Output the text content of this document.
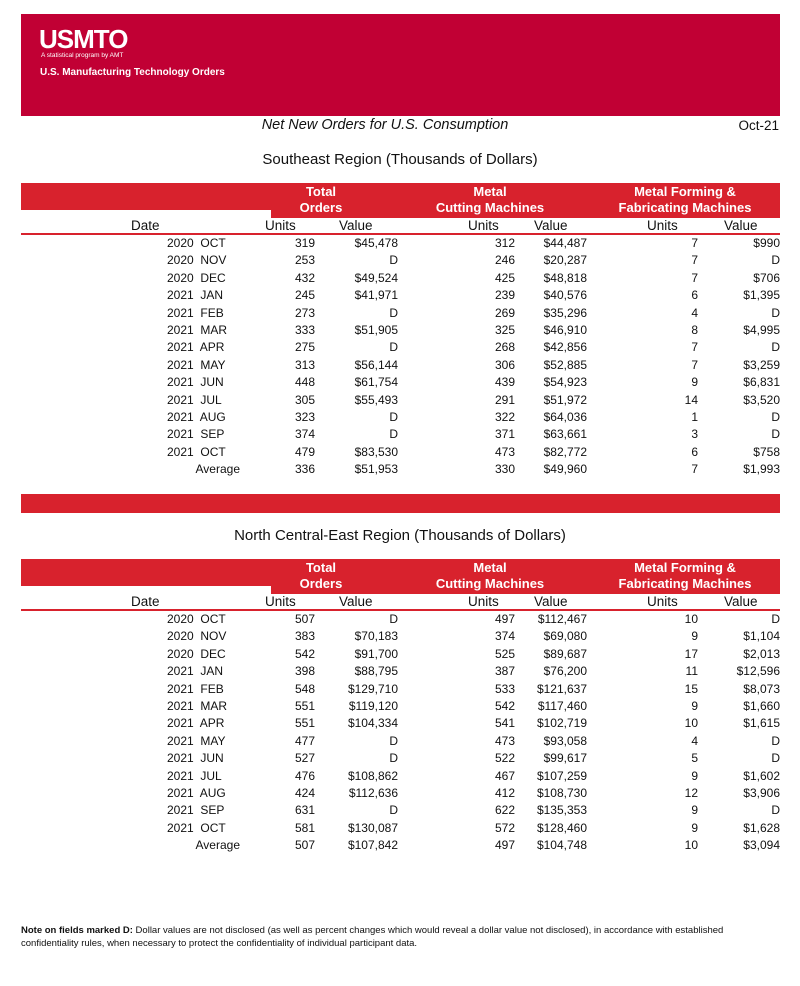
USMTO
A statistical program by AMT
U.S. Manufacturing Technology Orders
Net New Orders for U.S. Consumption	Oct-21
Southeast Region (Thousands of Dollars)
Total
Orders
Metal
Cutting Machines
Metal Forming &
Fabricating Machines
Date	Units	Value	Units	Value	Units	Value
2020  OCT	319	$45,478	312	$44,487	7	$990
2020  NOV	253	D	246	$20,287	7	D
2020  DEC	432	$49,524	425	$48,818	7	$706
2021  JAN	245	$41,971	239	$40,576	6	$1,395
2021  FEB	273	D	269	$35,296	4	D
2021  MAR	333	$51,905	325	$46,910	8	$4,995
2021  APR	275	D	268	$42,856	7	D
2021  MAY	313	$56,144	306	$52,885	7	$3,259
2021  JUN	448	$61,754	439	$54,923	9	$6,831
2021  JUL	305	$55,493	291	$51,972	14	$3,520
2021  AUG	323	D	322	$64,036	1	D
2021  SEP	374	D	371	$63,661	3	D
2021  OCT	479	$83,530	473	$82,772	6	$758
Average	336	$51,953	330	$49,960	7	$1,993
North Central-East Region (Thousands of Dollars)
Total
Orders
Metal
Cutting Machines
Metal Forming &
Fabricating Machines
Date	Units	Value	Units	Value	Units	Value
2020  OCT	507	D	497	$112,467	10	D
2020  NOV	383	$70,183	374	$69,080	9	$1,104
2020  DEC	542	$91,700	525	$89,687	17	$2,013
2021  JAN	398	$88,795	387	$76,200	11	$12,596
2021  FEB	548	$129,710	533	$121,637	15	$8,073
2021  MAR	551	$119,120	542	$117,460	9	$1,660
2021  APR	551	$104,334	541	$102,719	10	$1,615
2021  MAY	477	D	473	$93,058	4	D
2021  JUN	527	D	522	$99,617	5	D
2021  JUL	476	$108,862	467	$107,259	9	$1,602
2021  AUG	424	$112,636	412	$108,730	12	$3,906
2021  SEP	631	D	622	$135,353	9	D
2021  OCT	581	$130,087	572	$128,460	9	$1,628
Average	507	$107,842	497	$104,748	10	$3,094
Note on fields marked D: Dollar values are not disclosed (as well as percent changes which would reveal a dollar value not disclosed), in accordance with established confidentiality rules, when necessary to protect the confidentiality of individual participant data.
